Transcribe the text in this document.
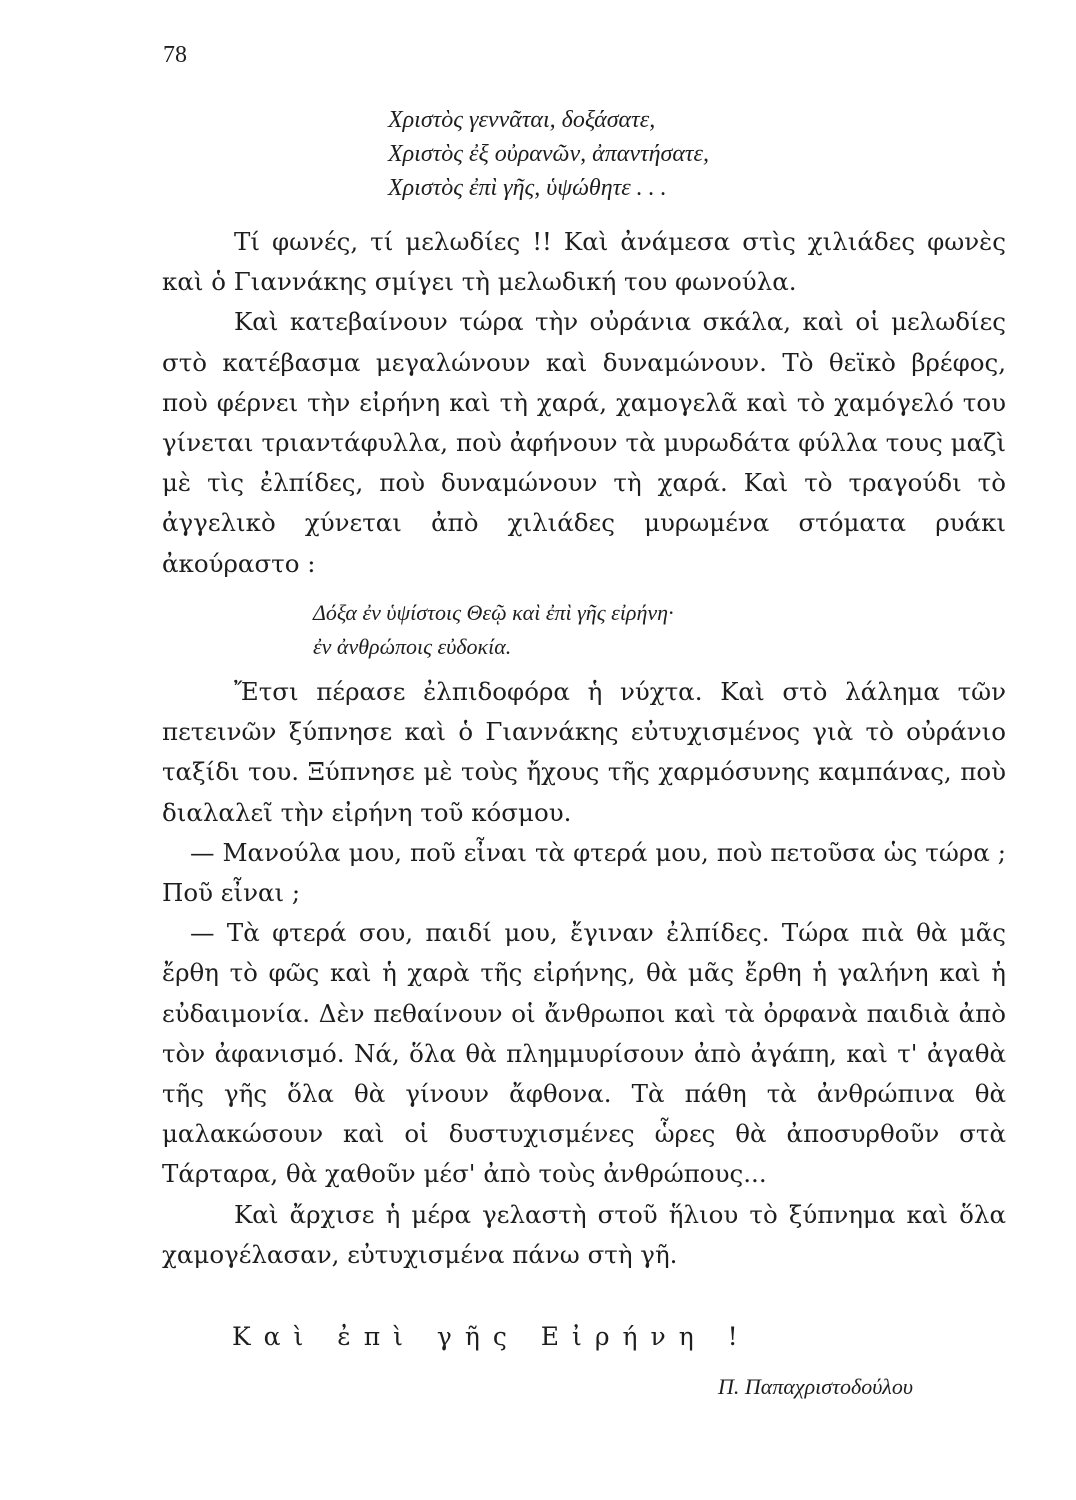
78
Χριστὸς γεννᾶται, δοξάσατε,
Χριστὸς ἐξ οὐρανῶν, ἀπαντήσατε,
Χριστὸς ἐπὶ γῆς, ὑψώθητε . . .

Τί φωνές, τί μελωδίες !! Καὶ ἀνάμεσα στὶς χιλιάδες φωνὲς καὶ ὁ Γιαννάκης σμίγει τὴ μελωδική του φωνούλα.

Καὶ κατεβαίνουν τώρα τὴν οὐράνια σκάλα, καὶ οἱ μελωδίες στὸ κατέβασμα μεγαλώνουν καὶ δυναμώνουν. Τὸ θεϊκὸ βρέφος, ποὺ φέρνει τὴν εἰρήνη καὶ τὴ χαρά, χαμογελᾶ καὶ τὸ χαμόγελό του γίνεται τριαντάφυλλα, ποὺ ἀφήνουν τὰ μυρωδάτα φύλλα τους μαζὶ μὲ τὶς ἐλπίδες, ποὺ δυναμώνουν τὴ χαρά. Καὶ τὸ τραγούδι τὸ ἀγγελικὸ χύνεται ἀπὸ χιλιάδες μυρωμένα στόματα ρυάκι ἀκούραστο :

Δόξα ἐν ὑψίστοις Θεῷ καὶ ἐπὶ γῆς εἰρήνη·
ἐν ἀνθρώποις εὐδοκία.

Ἔτσι πέρασε ἐλπιδοφόρα ἡ νύχτα. Καὶ στὸ λάλημα τῶν πετεινῶν ξύπνησε καὶ ὁ Γιαννάκης εὐτυχισμένος γιὰ τὸ οὐράνιο ταξίδι του. Ξύπνησε μὲ τοὺς ἤχους τῆς χαρμόσυνης καμπάνας, ποὺ διαλαλεῖ τὴν εἰρήνη τοῦ κόσμου.

— Μανούλα μου, ποῦ εἶναι τὰ φτερά μου, ποὺ πετοῦσα ὡς τώρα ; Ποῦ εἶναι ;

— Τὰ φτερά σου, παιδί μου, ἔγιναν ἐλπίδες. Τώρα πιὰ θὰ μᾶς ἔρθη τὸ φῶς καὶ ἡ χαρὰ τῆς εἰρήνης, θὰ μᾶς ἔρθη ἡ γαλήνη καὶ ἡ εὐδαιμονία. Δὲν πεθαίνουν οἱ ἄνθρωποι καὶ τὰ ὀρφανὰ παιδιὰ ἀπὸ τὸν ἀφανισμό. Νά, ὅλα θὰ πλημμυρίσουν ἀπὸ ἀγάπη, καὶ τ' ἀγαθὰ τῆς γῆς ὅλα θὰ γίνουν ἄφθονα. Τὰ πάθη τὰ ἀνθρώπινα θὰ μαλακώσουν καὶ οἱ δυστυχισμένες ὧρες θὰ ἀποσυρθοῦν στὰ Τάρταρα, θὰ χαθοῦν μέσ' ἀπὸ τοὺς ἀνθρώπους...

Καὶ ἄρχισε ἡ μέρα γελαστὴ στοῦ ἥλιου τὸ ξύπνημα καὶ ὅλα χαμογέλασαν, εὐτυχισμένα πάνω στὴ γῆ.

Καὶ ἐπὶ γῆς Εἰρήνη !
Π. Παπαχριστοδούλου
